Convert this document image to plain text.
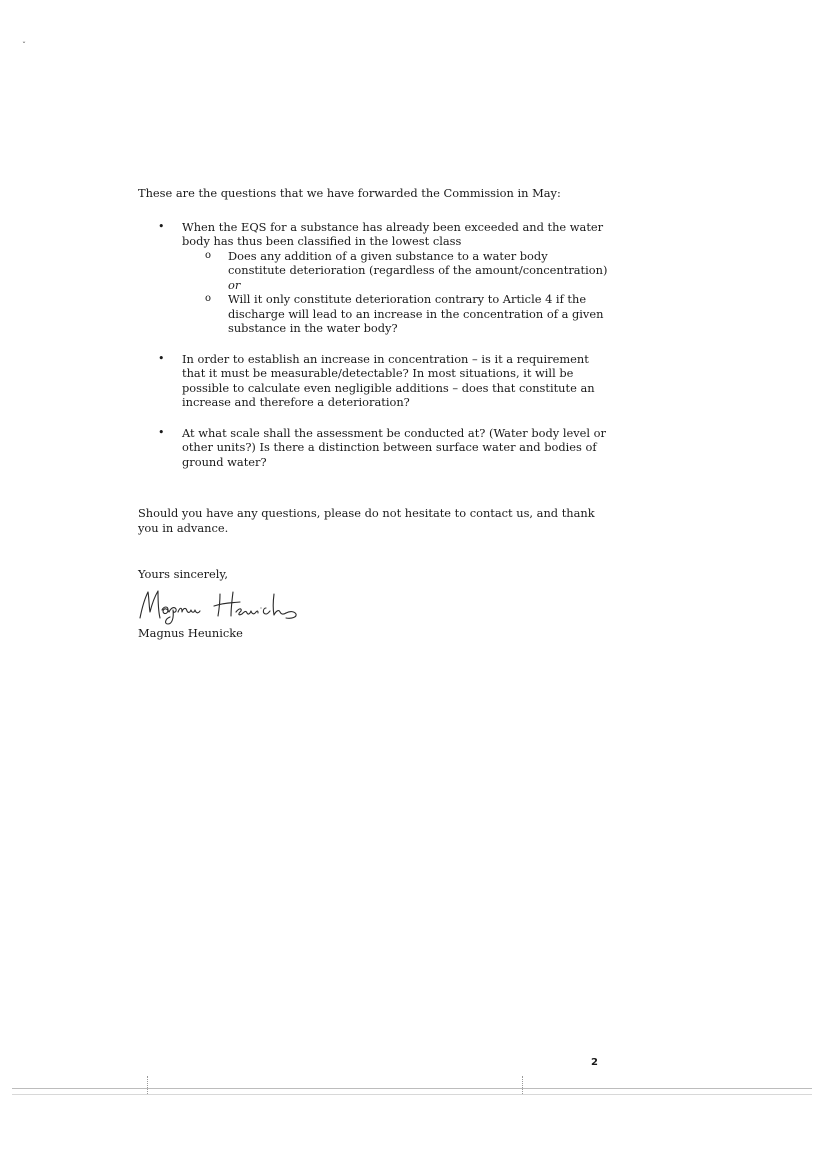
ˇ

These are the questions that we have forwarded the Commission in May:

• When the EQS for a substance has already been exceeded and the water body has thus been classified in the lowest class
o Does any addition of a given substance to a water body constitute deterioration (regardless of the amount/concentration) or
o Will it only constitute deterioration contrary to Article 4 if the discharge will lead to an increase in the concentration of a given substance in the water body?
• In order to establish an increase in concentration – is it a requirement that it must be measurable/detectable? In most situations, it will be possible to calculate even negligible additions – does that constitute an increase and therefore a deterioration?
• At what scale shall the assessment be conducted at? (Water body level or other units?) Is there a distinction between surface water and bodies of ground water?

Should you have any questions, please do not hesitate to contact us, and thank you in advance.

Yours sincerely,

Magnus Heunicke

2
